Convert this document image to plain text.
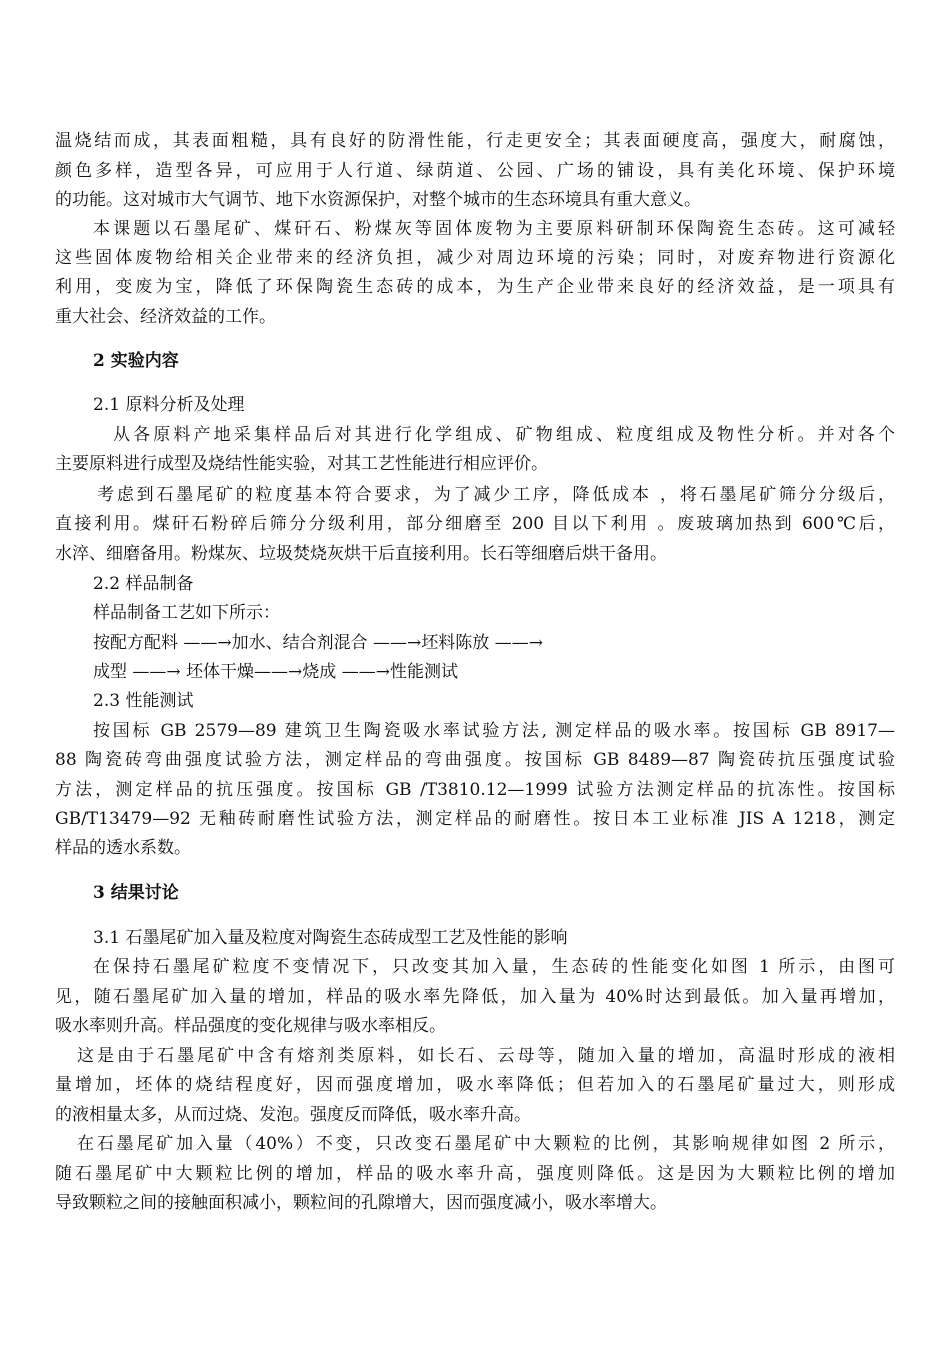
温烧结而成，其表面粗糙，具有良好的防滑性能，行走更安全；其表面硬度高，强度大，耐腐蚀，
颜色多样，造型各异，可应用于人行道、绿荫道、公园、广场的铺设，具有美化环境、保护环境
的功能。这对城市大气调节、地下水资源保护，对整个城市的生态环境具有重大意义。
本课题以石墨尾矿、煤矸石、粉煤灰等固体废物为主要原料研制环保陶瓷生态砖。这可减轻
这些固体废物给相关企业带来的经济负担，减少对周边环境的污染；同时，对废弃物进行资源化
利用，变废为宝，降低了环保陶瓷生态砖的成本，为生产企业带来良好的经济效益，是一项具有
重大社会、经济效益的工作。
2 实验内容
2.1 原料分析及处理
从各原料产地采集样品后对其进行化学组成、矿物组成、粒度组成及物性分析。并对各个
主要原料进行成型及烧结性能实验，对其工艺性能进行相应评价。
考虑到石墨尾矿的粒度基本符合要求，为了减少工序，降低成本 ，将石墨尾矿筛分分级后，
直接利用。煤矸石粉碎后筛分分级利用，部分细磨至 200 目以下利用 。废玻璃加热到 600℃后，
水淬、细磨备用。粉煤灰、垃圾焚烧灰烘干后直接利用。长石等细磨后烘干备用。
2.2 样品制备
样品制备工艺如下所示：
按配方配料 ——→加水、结合剂混合 ——→坯料陈放 ——→
成型 ——→ 坯体干燥——→烧成 ——→性能测试
2.3 性能测试
按国标 GB 2579—89 建筑卫生陶瓷吸水率试验方法, 测定样品的吸水率。按国标 GB 8917—
88 陶瓷砖弯曲强度试验方法，测定样品的弯曲强度。按国标 GB 8489—87 陶瓷砖抗压强度试验
方法，测定样品的抗压强度。按国标 GB /T3810.12—1999 试验方法测定样品的抗冻性。按国标
GB/T13479—92 无釉砖耐磨性试验方法，测定样品的耐磨性。按日本工业标准 JIS A 1218，测定
样品的透水系数。
3 结果讨论
3.1 石墨尾矿加入量及粒度对陶瓷生态砖成型工艺及性能的影响
在保持石墨尾矿粒度不变情况下，只改变其加入量，生态砖的性能变化如图 1 所示，由图可
见，随石墨尾矿加入量的增加，样品的吸水率先降低，加入量为 40%时达到最低。加入量再增加，
吸水率则升高。样品强度的变化规律与吸水率相反。
这是由于石墨尾矿中含有熔剂类原料，如长石、云母等，随加入量的增加，高温时形成的液相
量增加，坯体的烧结程度好，因而强度增加，吸水率降低；但若加入的石墨尾矿量过大，则形成
的液相量太多，从而过烧、发泡。强度反而降低，吸水率升高。
在石墨尾矿加入量（40%）不变，只改变石墨尾矿中大颗粒的比例，其影响规律如图 2 所示，
随石墨尾矿中大颗粒比例的增加，样品的吸水率升高，强度则降低。这是因为大颗粒比例的增加
导致颗粒之间的接触面积减小，颗粒间的孔隙增大，因而强度减小，吸水率增大。
